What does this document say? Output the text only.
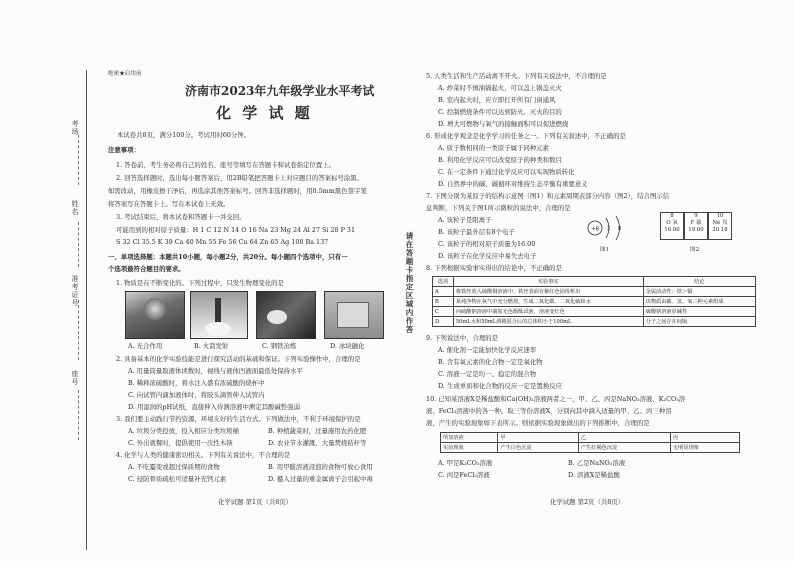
考场
姓名
准考证号
座号
绝密★启用前
济南市2023年九年级学业水平考试
化 学 试 题
本试卷共8页，满分100分。考试用时60分钟。
注意事项：
1. 答卷前，考生务必将自己的姓名、座号等填写在答题卡和试卷指定位置上。
2. 回答选择题时，选出每小题答案后，用2B铅笔把答题卡上对应题目的答案标号涂黑。
如需改动，用橡皮擦干净后，再选涂其他答案标号。回答非选择题时，用0.5mm黑色签字笔
将答案写在答题卡上。写在本试卷上无效。
3. 考试结束后，将本试卷和答题卡一并交回。
可能用到的相对原子质量：H 1 C 12 N 14 O 16 Na 23 Mg 24 Al 27 Si 28 P 31
S 32 Cl 35.5 K 39 Ca 40 Mn 55 Fe 56 Cu 64 Zn 65 Ag 108 Ba 137
一、单项选择题：本题共10小题，每小题2分，共20分。每小题四个选项中，只有一
个选项最符合题目的要求。
1. 物质是在不断变化的。下列过程中，只发生物理变化的是
A. 光合作用	B. 火箭发射	C. 钢铁冶炼	D. 冰块融化
2. 具备基本的化学实验技能是进行探究活动的基础和保证。下列实验操作中，合理的是
A. 用量筒量取液体读数时，视线与液体凹液面最低处保持水平
B. 稀释浓硫酸时，将水注入盛有浓硫酸的烧杯中
C. 向试管内滴加液体时，将胶头滴管伸入试管内
D. 用湿润的pH试纸，直接伸入待测溶液中测定其酸碱性强弱
3. 我们要主动践行节约资源、环境友好的生活方式。下列做法中，不利于环境保护的是
A. 垃圾分类投放，投入相应分类垃圾桶	B. 种植蔬菜时，过量施用农药化肥
C. 外出就餐时，提倡使用一次性木筷	D. 农业节水灌溉，大量焚烧秸秆等
4. 化学与人类的健康密切相关。下列有关说法中，不合理的是
A. 不吃霉变或超过保质期的食物	B. 用甲醛溶液浸泡的食物可放心食用
C. 侵防骨质疏松可适量补充钙元素	D. 摄入过量的重金属离子会引起中毒
化学试题 第1页（共8页）
请在答题卡指定区域内作答
5. 人类生活和生产活动离不开火。下列有关说法中，不合理的是
A. 炒菜时不慎油锅起火，可以盖上锅盖灭火
B. 室内起火时，应立即打开所有门窗通风
C. 控制燃烧条件可以达到防火、灭火的目的
D. 增大可燃物与氧气的接触面积可以促进燃烧
6. 形成化学观念是化学学习的任务之一。下列有关叙述中，不正确的是
A. 质子数相同的一类原子属于同种元素
B. 利用化学反应可以改变原子的种类和数目
C. 在一定条件下通过化学反应可以实现物质转化
D. 自然界中的碳、碳循环对维持生态平衡有重要意义
7. 下图分别为某原子的结构示意图（图1）和元素周期表部分内容（图2），结合图示信
息判断，下列关于图1所示微粒的说法中，合理的是
A. 该粒子是阳离子
B. 该粒子最外层有8个电子
C. 该粒子的相对原子质量为16.00
D. 该粒子在化学反应中易失去电子
+8 2 8
图1
8
O 氧
16.00
9
F 氟
19.00
10
Ne 氖
20.18
图2
8. 下列根据实验事实得出的结论中，不正确的是
选项	实验事实	结论
A	将铁丝放入硫酸铜溶液中，铁丝表面有紫红色固体析出	金属活动性：铁＞铜
B	某纯净物在氧气中充分燃烧，生成二氧化碳、二氧化硫和水	该物质由碳、氢、氧三种元素组成
C	向硫酸钠溶液中滴加无色酚酞试液，溶液变红色	硫酸钠溶液显碱性
D	50mL水和50mL酒精混合后的总体积小于100mL	分子之间存在间隔
9. 下列说法中，合理的是
A. 催化剂一定能加快化学反应速率
B. 含有氧元素的化合物一定是氧化物
C. 溶液一定是均一、稳定的混合物
D. 生成单质和化合物的反应一定是置换反应
10. 已知某溶液X是稀盐酸和Ca(OH)₂溶液两者之一，甲、乙、丙是NaNO₃溶液、K₂CO₃溶
液、FeCl₃溶液中的各一种。取三等份溶液X，分别向其中滴入适量的甲、乙、丙三种溶
液，产生的实验现象如下表所示。则依据实验现象做出的下列推断中，合理的是
所加溶液	甲	乙	丙
实验现象	产生白色沉淀	产生红褐色沉淀	无明显现象
A. 甲是K₂CO₃溶液	B. 乙是NaNO₃溶液
C. 丙是FeCl₃溶液	D. 溶液X是稀盐酸
化学试题 第2页（共8页）
